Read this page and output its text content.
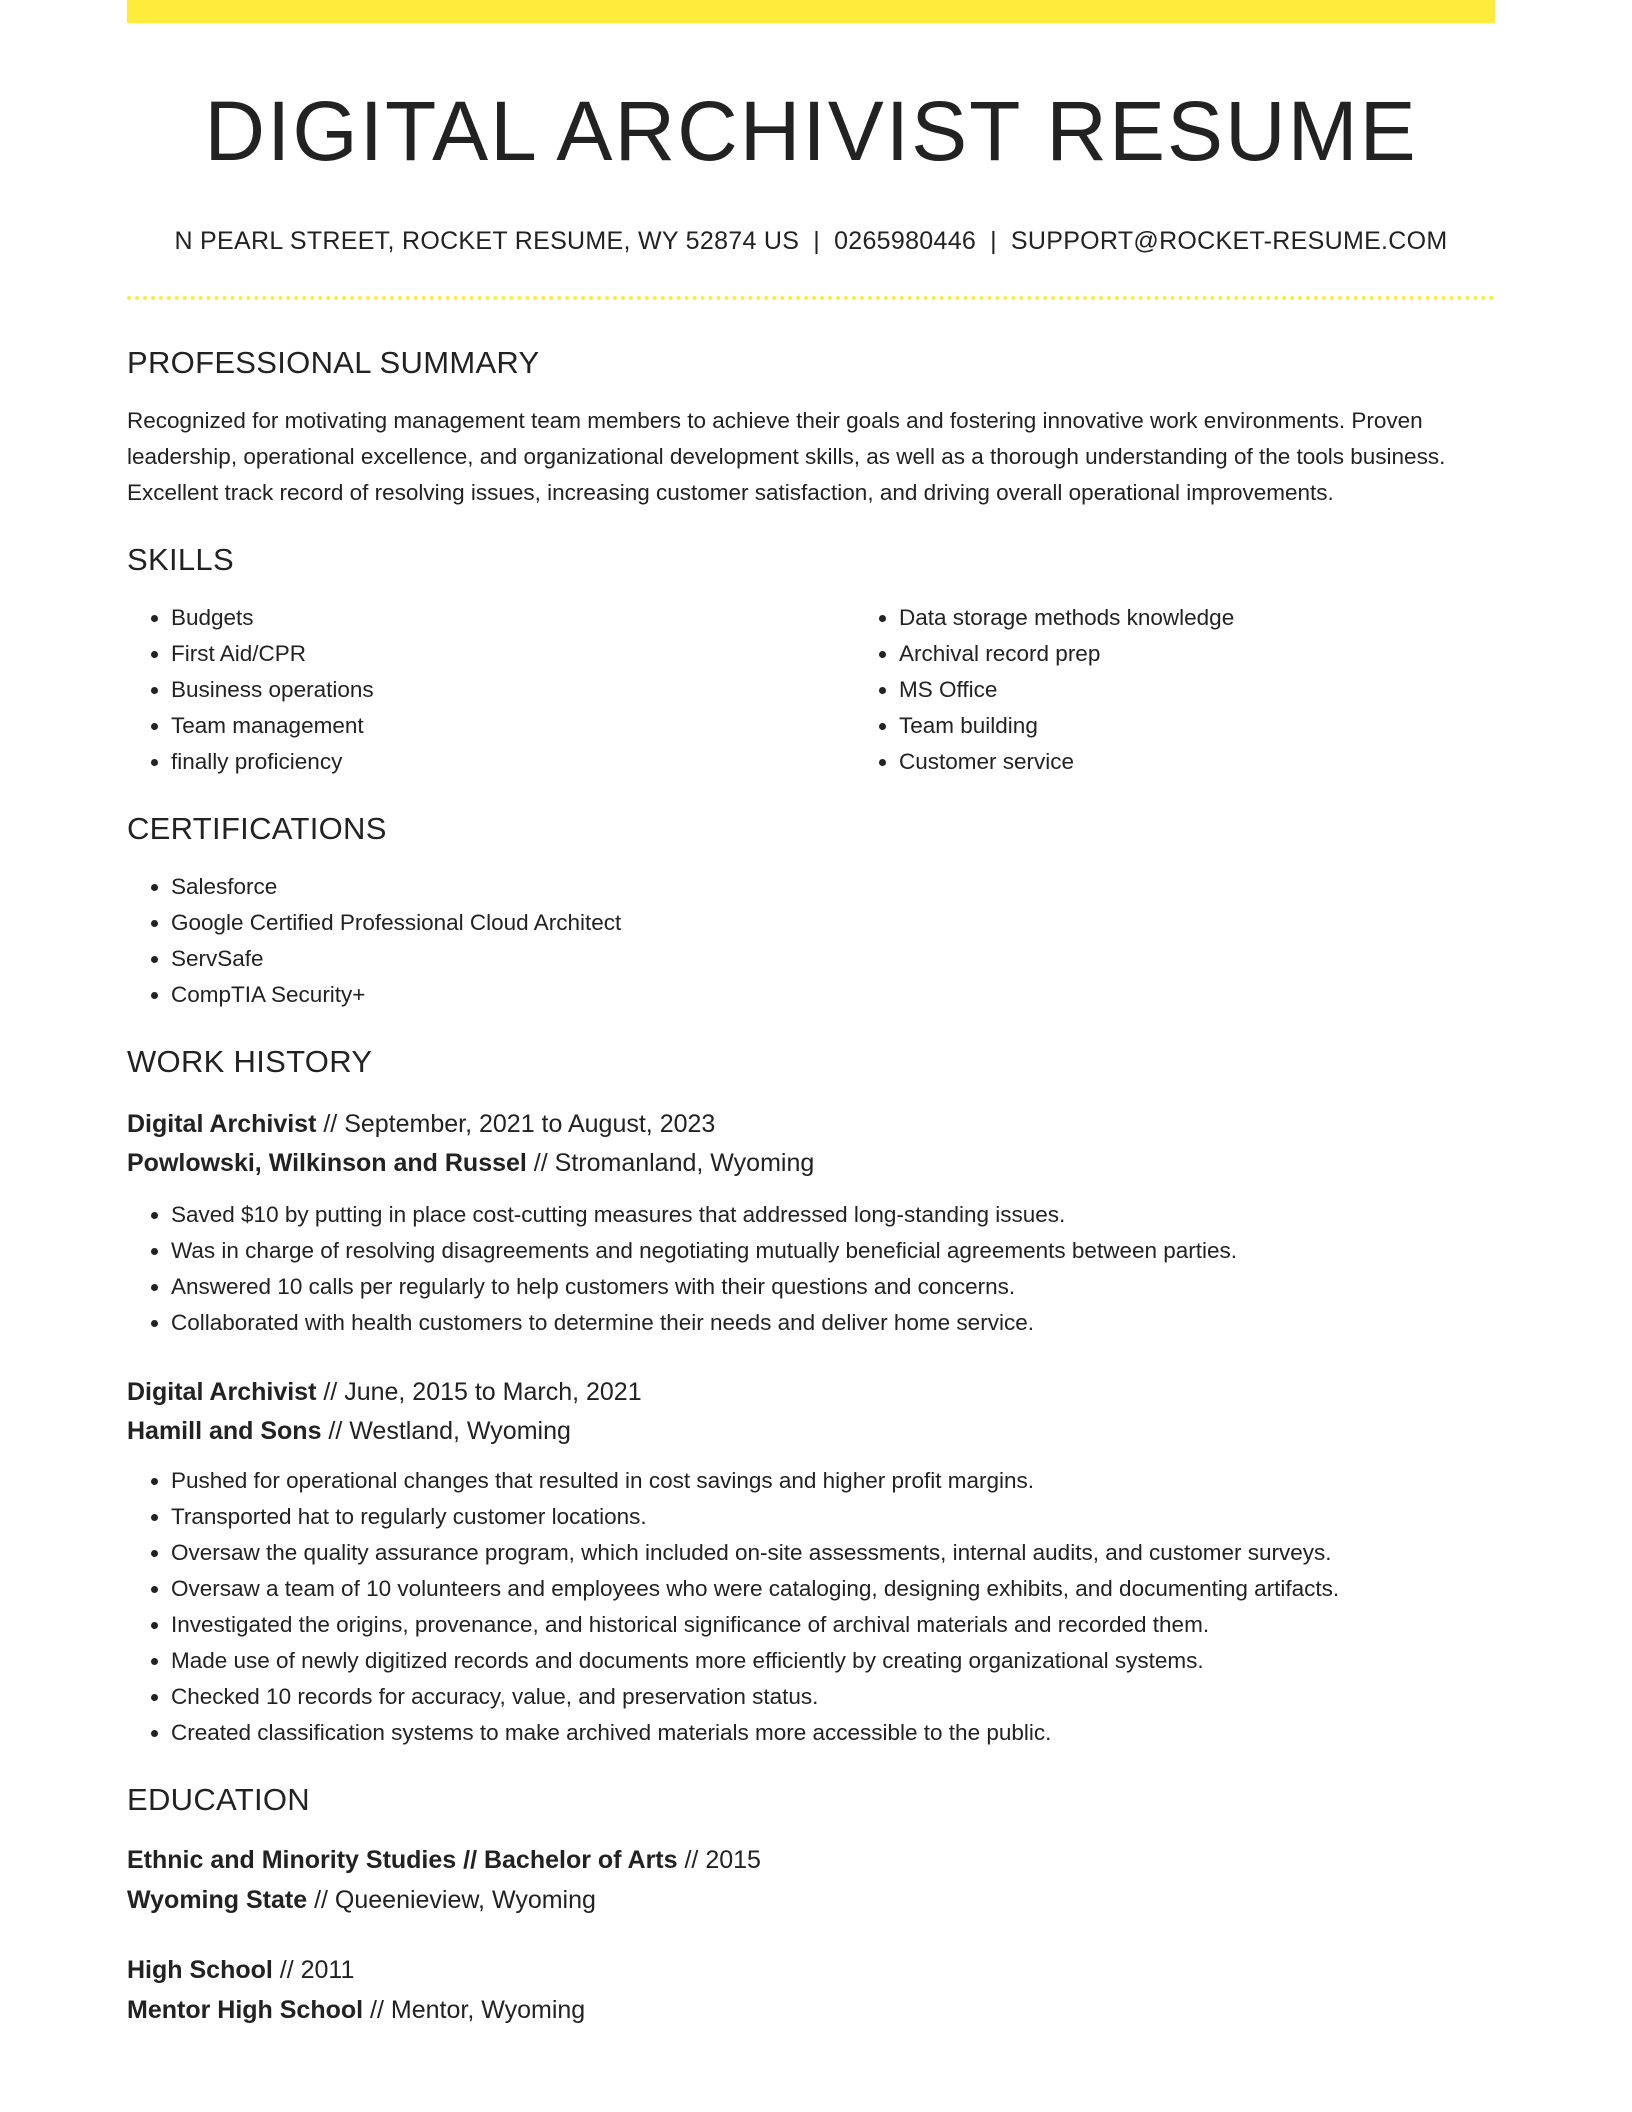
DIGITAL ARCHIVIST RESUME
N PEARL STREET, ROCKET RESUME, WY 52874 US | 0265980446 | SUPPORT@ROCKET-RESUME.COM
PROFESSIONAL SUMMARY
Recognized for motivating management team members to achieve their goals and fostering innovative work environments. Proven leadership, operational excellence, and organizational development skills, as well as a thorough understanding of the tools business. Excellent track record of resolving issues, increasing customer satisfaction, and driving overall operational improvements.
SKILLS
• Budgets
• First Aid/CPR
• Business operations
• Team management
• finally proficiency
• Data storage methods knowledge
• Archival record prep
• MS Office
• Team building
• Customer service
CERTIFICATIONS
• Salesforce
• Google Certified Professional Cloud Architect
• ServSafe
• CompTIA Security+
WORK HISTORY
Digital Archivist // September, 2021 to August, 2023
Powlowski, Wilkinson and Russel // Stromanland, Wyoming
• Saved $10 by putting in place cost-cutting measures that addressed long-standing issues.
• Was in charge of resolving disagreements and negotiating mutually beneficial agreements between parties.
• Answered 10 calls per regularly to help customers with their questions and concerns.
• Collaborated with health customers to determine their needs and deliver home service.
Digital Archivist // June, 2015 to March, 2021
Hamill and Sons // Westland, Wyoming
• Pushed for operational changes that resulted in cost savings and higher profit margins.
• Transported hat to regularly customer locations.
• Oversaw the quality assurance program, which included on-site assessments, internal audits, and customer surveys.
• Oversaw a team of 10 volunteers and employees who were cataloging, designing exhibits, and documenting artifacts.
• Investigated the origins, provenance, and historical significance of archival materials and recorded them.
• Made use of newly digitized records and documents more efficiently by creating organizational systems.
• Checked 10 records for accuracy, value, and preservation status.
• Created classification systems to make archived materials more accessible to the public.
EDUCATION
Ethnic and Minority Studies // Bachelor of Arts // 2015
Wyoming State // Queenieview, Wyoming
High School // 2011
Mentor High School // Mentor, Wyoming
